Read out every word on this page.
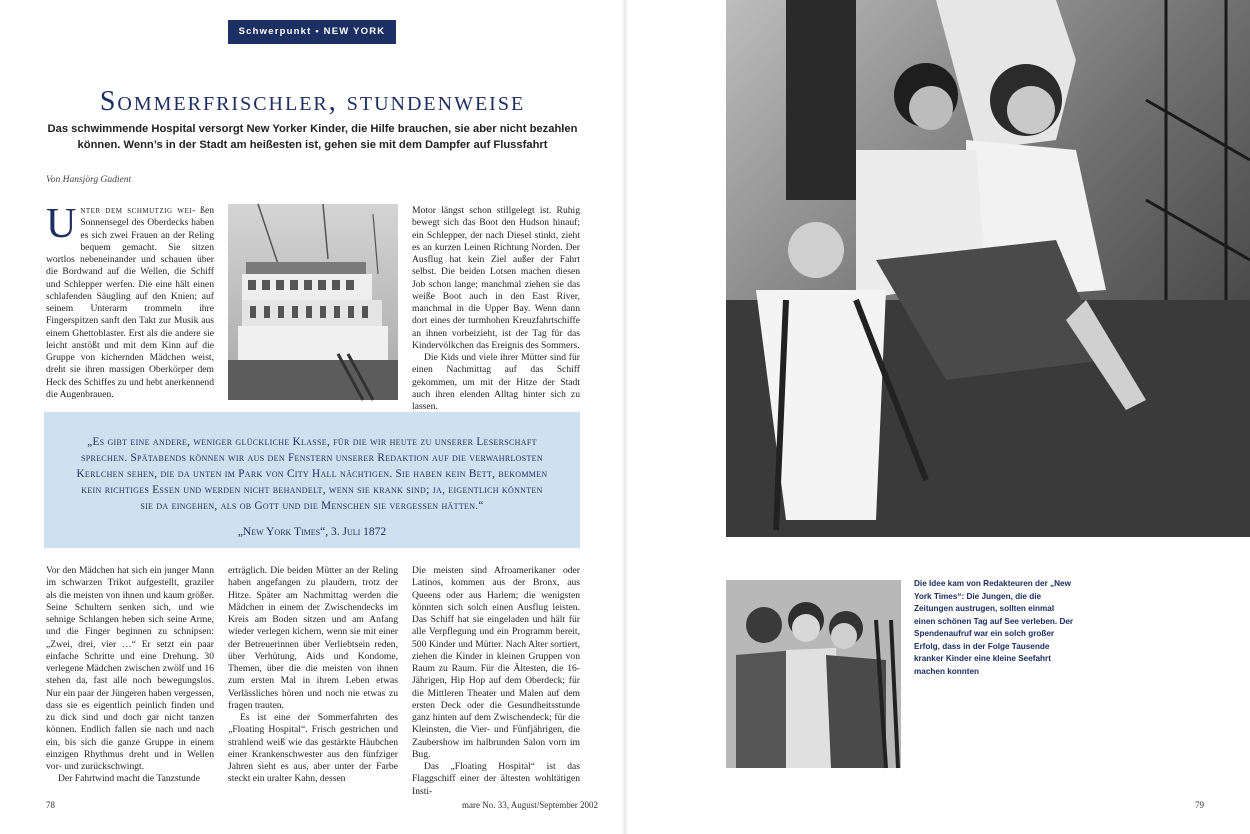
Schwerpunkt • NEW YORK
Sommerfrischler, stundenweise
Das schwimmende Hospital versorgt New Yorker Kinder, die Hilfe brauchen, sie aber nicht bezahlen können. Wenn’s in der Stadt am heißesten ist, gehen sie mit dem Dampfer auf Flussfahrt
Von Hansjörg Gadient

Unter dem schmutzig wei- ßen Sonnensegel des Oberdecks haben es sich zwei Frauen an der Reling bequem gemacht. Sie sitzen wortlos nebeneinander und schauen über die Bordwand auf die Wellen, die Schiff und Schlepper werfen. Die eine hält einen schlafenden Säugling auf den Knien; auf seinem Unterarm trommeln ihre Fingerspitzen sanft den Takt zur Musik aus einem Ghettoblaster. Erst als die andere sie leicht anstößt und mit dem Kinn auf die Gruppe von kichernden Mädchen weist, dreht sie ihren massigen Oberkörper dem Heck des Schiffes zu und hebt anerkennend die Augenbrauen.

Motor längst schon stillgelegt ist. Ruhig bewegt sich das Boot den Hudson hinauf; ein Schlepper, der nach Diesel stinkt, zieht es an kurzen Leinen Richtung Norden. Der Ausflug hat kein Ziel außer der Fahrt selbst. Die beiden Lotsen machen diesen Job schon lange; manchmal ziehen sie das weiße Boot auch in den East River, manchmal in die Upper Bay. Wenn dann dort eines der turmhohen Kreuzfahrtschiffe an ihnen vorbeizieht, ist der Tag für das Kindervölkchen das Ereignis des Sommers.

Die Kids und viele ihrer Mütter sind für einen Nachmittag auf das Schiff gekommen, um mit der Hitze der Stadt auch ihren elenden Alltag hinter sich zu lassen.

„Es gibt eine andere, weniger glückliche Klasse, für die wir heute zu unserer Leserschaft sprechen. Spätabends können wir aus den Fenstern unserer Redaktion auf die verwahrlosten Kerlchen sehen, die da unten im Park von City Hall nächtigen. Sie haben kein Bett, bekommen kein richtiges Essen und werden nicht behandelt, wenn sie krank sind; ja, eigentlich könnten sie da eingehen, als ob Gott und die Menschen sie vergessen hätten.“
„New York Times“, 3. Juli 1872

Vor den Mädchen hat sich ein junger Mann im schwarzen Trikot aufgestellt, graziler als die meisten von ihnen und kaum größer. Seine Schultern senken sich, und wie sehnige Schlangen heben sich seine Arme, und die Finger beginnen zu schnipsen: „Zwei, drei, vier …“ Er setzt ein paar einfache Schritte und eine Drehung. 30 verlegene Mädchen zwischen zwölf und 16 stehen da, fast alle noch bewegungslos. Nur ein paar der Jüngeren haben vergessen, dass sie es eigentlich peinlich finden und zu dick sind und doch gar nicht tanzen können. Endlich fallen sie nach und nach ein, bis sich die ganze Gruppe in einem einzigen Rhythmus dreht und in Wellen vor- und zurückschwingt.

Der Fahrtwind macht die Tanzstunde

erträglich. Die beiden Mütter an der Reling haben angefangen zu plaudern, trotz der Hitze. Später am Nachmittag werden die Mädchen in einem der Zwischendecks im Kreis am Boden sitzen und am Anfang wieder verlegen kichern, wenn sie mit einer der Betreuerinnen über Verliebtsein reden, über Verhütung, Aids und Kondome, Themen, über die die meisten von ihnen zum ersten Mal in ihrem Leben etwas Verlässliches hören und noch nie etwas zu fragen trauten.

Es ist eine der Sommerfahrten des „Floating Hospital“. Frisch gestrichen und strahlend weiß wie das gestärkte Häubchen einer Krankenschwester aus den fünfziger Jahren sieht es aus, aber unter der Farbe steckt ein uralter Kahn, dessen

Die meisten sind Afroamerikaner oder Latinos, kommen aus der Bronx, aus Queens oder aus Harlem; die wenigsten könnten sich solch einen Ausflug leisten. Das Schiff hat sie eingeladen und hält für alle Verpflegung und ein Programm bereit, 500 Kinder und Mütter. Nach Alter sortiert, ziehen die Kinder in kleinen Gruppen von Raum zu Raum. Für die Ältesten, die 16-Jährigen, Hip Hop auf dem Oberdeck; für die Mittleren Theater und Malen auf dem ersten Deck oder die Gesundheitsstunde ganz hinten auf dem Zwischendeck; für die Kleinsten, die Vier- und Fünfjährigen, die Zaubershow im halbrunden Salon vorn im Bug.

Das „Floating Hospital“ ist das Flaggschiff einer der ältesten wohltätigen Insti-

78	mare No. 33, August/September 2002	79
Die Idee kam von Redakteuren der „New York Times“: Die Jungen, die die Zeitungen austrugen, sollten einmal einen schönen Tag auf See verleben. Der Spendenaufruf war ein solch großer Erfolg, dass in der Folge Tausende kranker Kinder eine kleine Seefahrt machen konnten
